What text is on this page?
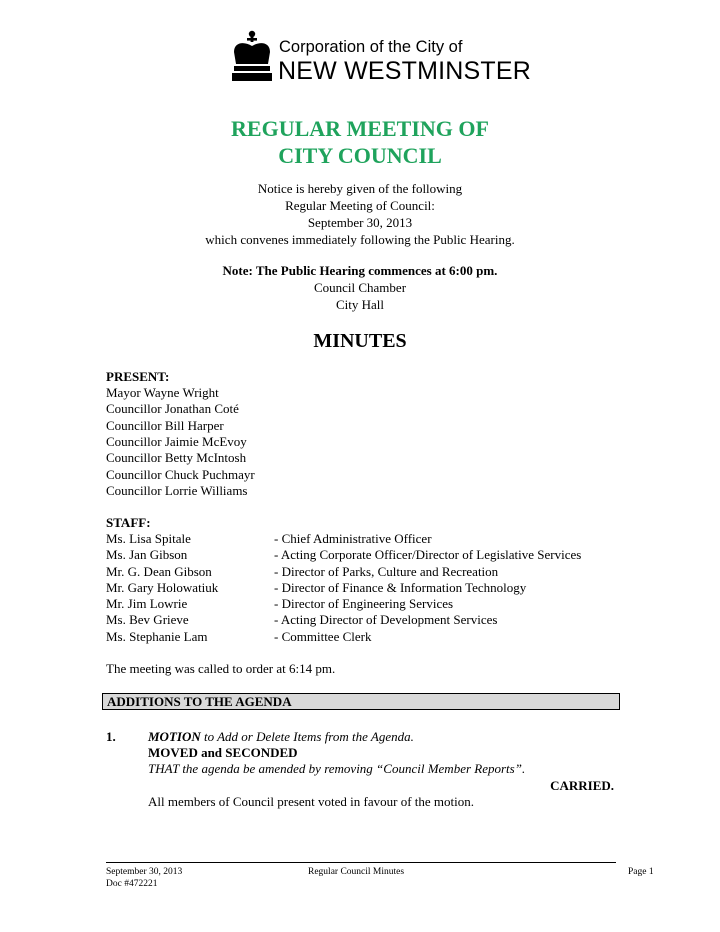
Corporation of the City of
NEW WESTMINSTER
REGULAR MEETING OF
CITY COUNCIL
Notice is hereby given of the following
Regular Meeting of Council:
September 30, 2013
which convenes immediately following the Public Hearing.
Note: The Public Hearing commences at 6:00 pm.
Council Chamber
City Hall
MINUTES
PRESENT:
Mayor Wayne Wright
Councillor Jonathan Coté
Councillor Bill Harper
Councillor Jaimie McEvoy
Councillor Betty McIntosh
Councillor Chuck Puchmayr
Councillor Lorrie Williams
STAFF:
Ms. Lisa Spitale	- Chief Administrative Officer
Ms. Jan Gibson	- Acting Corporate Officer/Director of Legislative Services
Mr. G. Dean Gibson	- Director of Parks, Culture and Recreation
Mr. Gary Holowatiuk	- Director of Finance & Information Technology
Mr. Jim Lowrie	- Director of Engineering Services
Ms. Bev Grieve	- Acting Director of Development Services
Ms. Stephanie Lam	- Committee Clerk
The meeting was called to order at 6:14 pm.
ADDITIONS TO THE AGENDA
1. MOTION to Add or Delete Items from the Agenda.
MOVED and SECONDED
THAT the agenda be amended by removing “Council Member Reports”.
CARRIED.
All members of Council present voted in favour of the motion.
September 30, 2013
Doc #472221
Regular Council Minutes	Page 1
